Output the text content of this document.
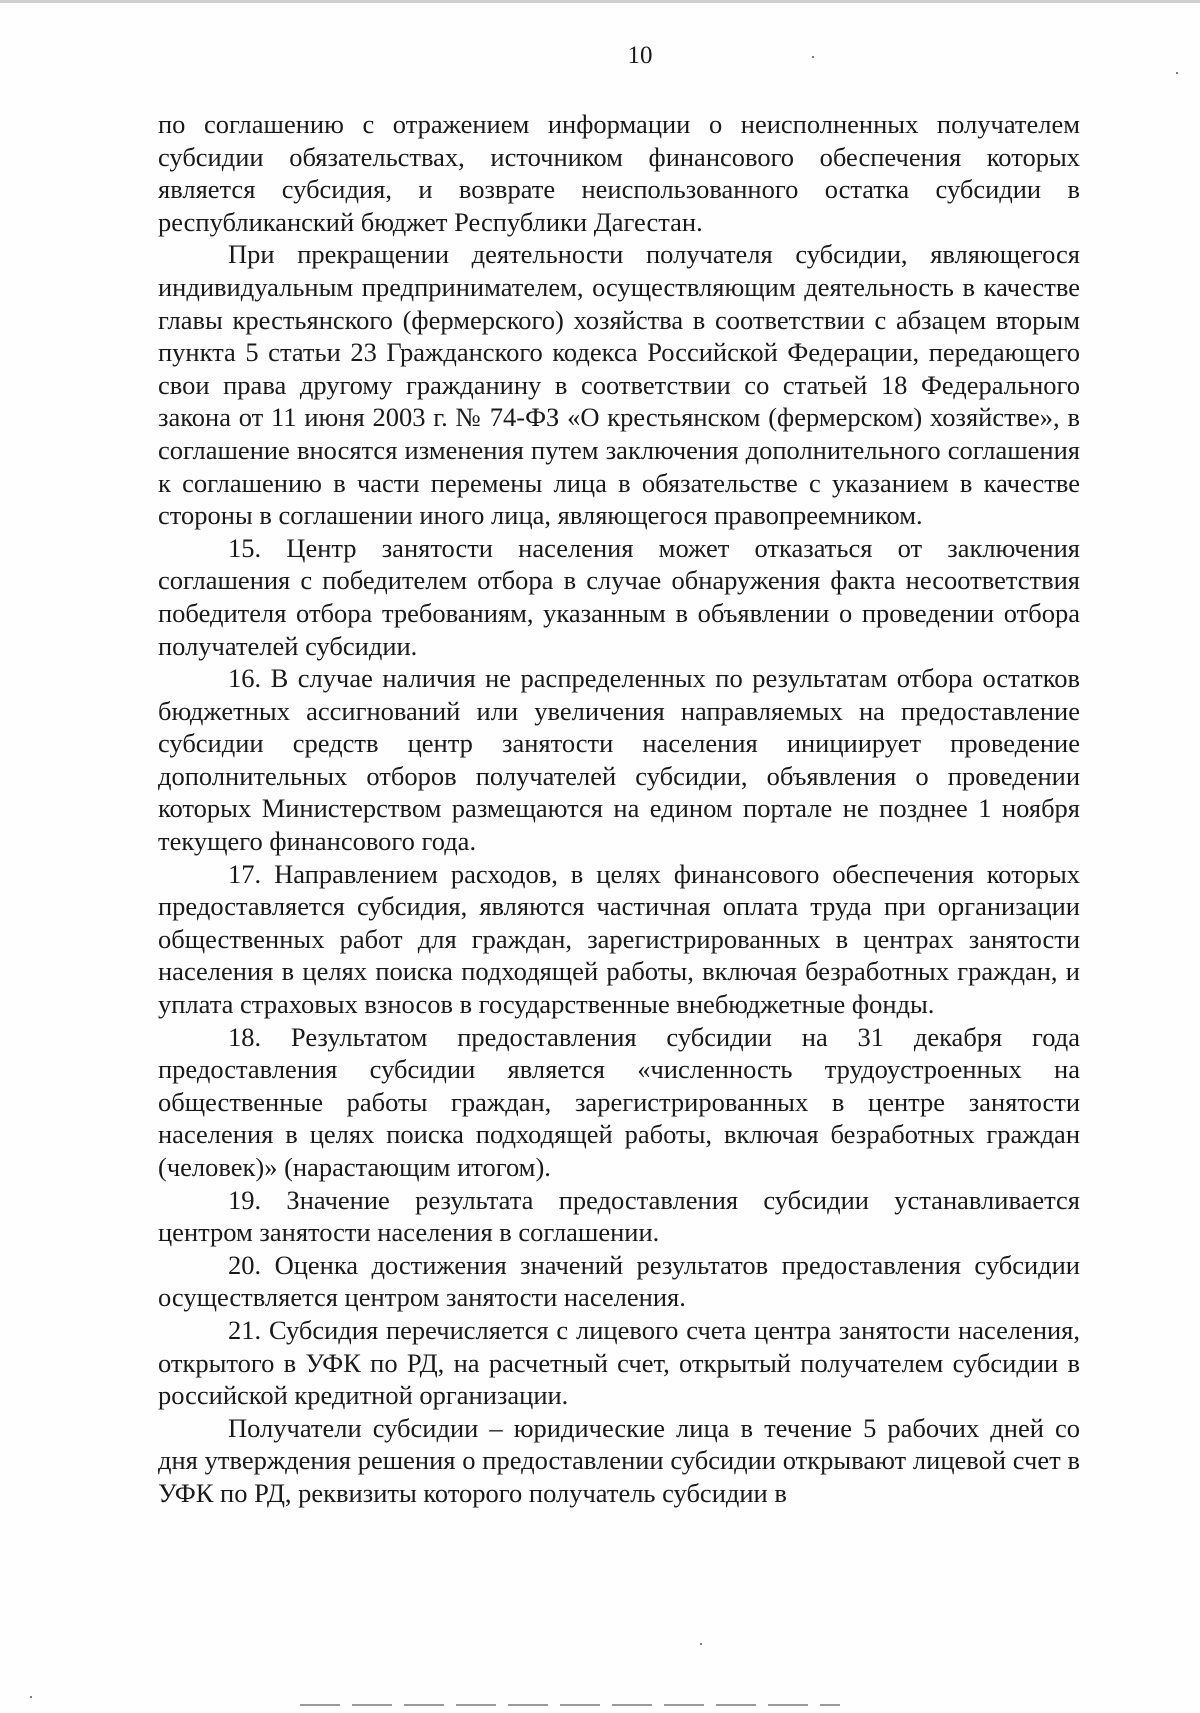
10

по соглашению с отражением информации о неисполненных получателем субсидии обязательствах, источником финансового обеспечения которых является субсидия, и возврате неиспользованного остатка субсидии в республиканский бюджет Республики Дагестан.

При прекращении деятельности получателя субсидии, являющегося индивидуальным предпринимателем, осуществляющим деятельность в качестве главы крестьянского (фермерского) хозяйства в соответствии с абзацем вторым пункта 5 статьи 23 Гражданского кодекса Российской Федерации, передающего свои права другому гражданину в соответствии со статьей 18 Федерального закона от 11 июня 2003 г. № 74-ФЗ «О крестьянском (фермерском) хозяйстве», в соглашение вносятся изменения путем заключения дополнительного соглашения к соглашению в части перемены лица в обязательстве с указанием в качестве стороны в соглашении иного лица, являющегося правопреемником.

15. Центр занятости населения может отказаться от заключения соглашения с победителем отбора в случае обнаружения факта несоответствия победителя отбора требованиям, указанным в объявлении о проведении отбора получателей субсидии.

16. В случае наличия не распределенных по результатам отбора остатков бюджетных ассигнований или увеличения направляемых на предоставление субсидии средств центр занятости населения инициирует проведение дополнительных отборов получателей субсидии, объявления о проведении которых Министерством размещаются на едином портале не позднее 1 ноября текущего финансового года.

17. Направлением расходов, в целях финансового обеспечения которых предоставляется субсидия, являются частичная оплата труда при организации общественных работ для граждан, зарегистрированных в центрах занятости населения в целях поиска подходящей работы, включая безработных граждан, и уплата страховых взносов в государственные внебюджетные фонды.

18. Результатом предоставления субсидии на 31 декабря года предоставления субсидии является «численность трудоустроенных на общественные работы граждан, зарегистрированных в центре занятости населения в целях поиска подходящей работы, включая безработных граждан (человек)» (нарастающим итогом).

19. Значение результата предоставления субсидии устанавливается центром занятости населения в соглашении.

20. Оценка достижения значений результатов предоставления субсидии осуществляется центром занятости населения.

21. Субсидия перечисляется с лицевого счета центра занятости населения, открытого в УФК по РД, на расчетный счет, открытый получателем субсидии в российской кредитной организации.

Получатели субсидии – юридические лица в течение 5 рабочих дней со дня утверждения решения о предоставлении субсидии открывают лицевой счет в УФК по РД, реквизиты которого получатель субсидии в
